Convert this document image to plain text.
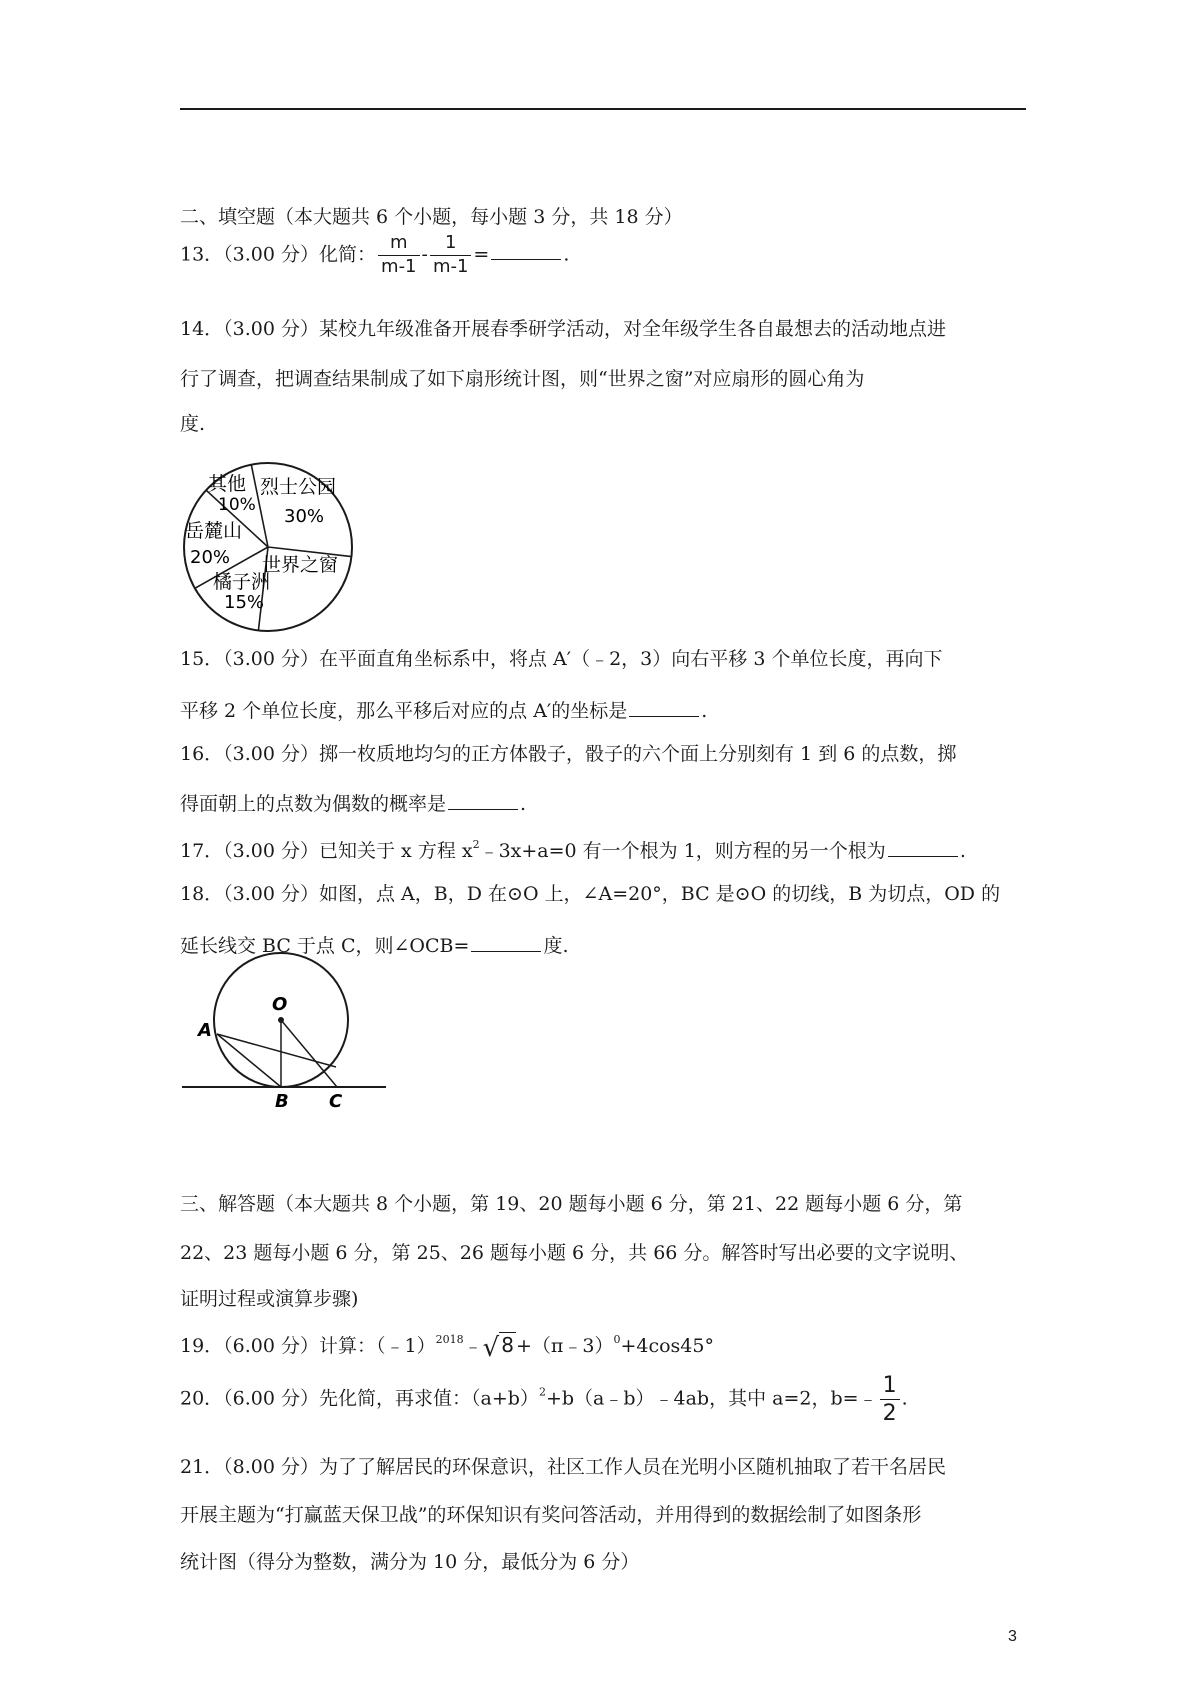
二、填空题（本大题共 6 个小题，每小题 3 分，共 18 分）
13．（3.00 分）化简： $\frac{m}{m-1} - \frac{1}{m-1}$ =	.
14．（3.00 分）某校九年级准备开展春季研学活动，对全年级学生各自最想去的活动地点进
行了调查，把调查结果制成了如下扇形统计图，则“世界之窗”对应扇形的圆心角为
度.
烈士公园
30%
世界之窗
橘子洲
15%
岳麓山
20%
其他
10%
15．（3.00 分）在平面直角坐标系中，将点 A′（﹣2，3）向右平移 3 个单位长度，再向下
平移 2 个单位长度，那么平移后对应的点 A′的坐标是	.
16．（3.00 分）掷一枚质地均匀的正方体骰子，骰子的六个面上分别刻有 1 到 6 的点数，掷
得面朝上的点数为偶数的概率是	.
17．（3.00 分）已知关于 x 方程 $x^2﹣3x+a=0$ 有一个根为 1，则方程的另一个根为	.
18．（3.00 分）如图，点 A，B，D 在⊙O 上，∠A=20°，BC 是⊙O 的切线，B 为切点，OD 的
延长线交 BC 于点 C，则∠OCB=	度.
O
A
B C
三、解答题（本大题共 8 个小题，第 19、20 题每小题 6 分，第 21、22 题每小题 6 分，第
22、23 题每小题 6 分，第 25、26 题每小题 6 分，共 66 分。解答时写出必要的文字说明、
证明过程或演算步骤)
19．（6.00 分）计算：（﹣1）$^{2018}$﹣√ 8 +（π﹣3）$^0$+4cos45°
20．（6.00 分）先化简，再求值：$(a+b)^2+b(a﹣b)﹣4ab$，其中 a=2，b=﹣ $\frac{1}{2}$ .
21．（8.00 分）为了了解居民的环保意识，社区工作人员在光明小区随机抽取了若干名居民
开展主题为“打赢蓝天保卫战”的环保知识有奖问答活动，并用得到的数据绘制了如图条形
统计图（得分为整数，满分为 10 分，最低分为 6 分）
3
